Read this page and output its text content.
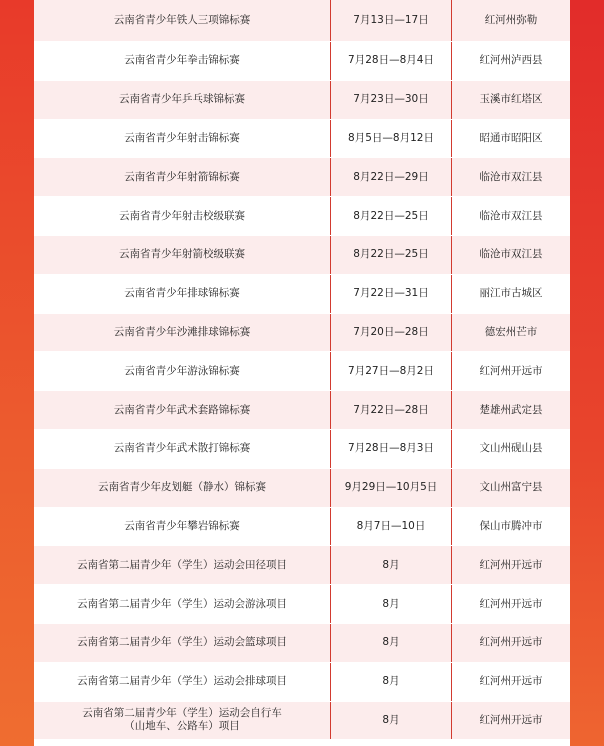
云南省青少年铁人三项锦标赛	7月13日—17日	红河州弥勒
云南省青少年拳击锦标赛	7月28日—8月4日	红河州泸西县
云南省青少年乒乓球锦标赛	7月23日—30日	玉溪市红塔区
云南省青少年射击锦标赛	8月5日—8月12日	昭通市昭阳区
云南省青少年射箭锦标赛	8月22日—29日	临沧市双江县
云南省青少年射击校级联赛	8月22日—25日	临沧市双江县
云南省青少年射箭校级联赛	8月22日—25日	临沧市双江县
云南省青少年排球锦标赛	7月22日—31日	丽江市古城区
云南省青少年沙滩排球锦标赛	7月20日—28日	德宏州芒市
云南省青少年游泳锦标赛	7月27日—8月2日	红河州开远市
云南省青少年武术套路锦标赛	7月22日—28日	楚雄州武定县
云南省青少年武术散打锦标赛	7月28日—8月3日	文山州砚山县
云南省青少年皮划艇（静水）锦标赛	9月29日—10月5日	文山州富宁县
云南省青少年攀岩锦标赛	8月7日—10日	保山市腾冲市
云南省第二届青少年（学生）运动会田径项目	8月	红河州开远市
云南省第二届青少年（学生）运动会游泳项目	8月	红河州开远市
云南省第二届青少年（学生）运动会篮球项目	8月	红河州开远市
云南省第二届青少年（学生）运动会排球项目	8月	红河州开远市
云南省第二届青少年（学生）运动会自行车
（山地车、公路车）项目
8月	红河州开远市
